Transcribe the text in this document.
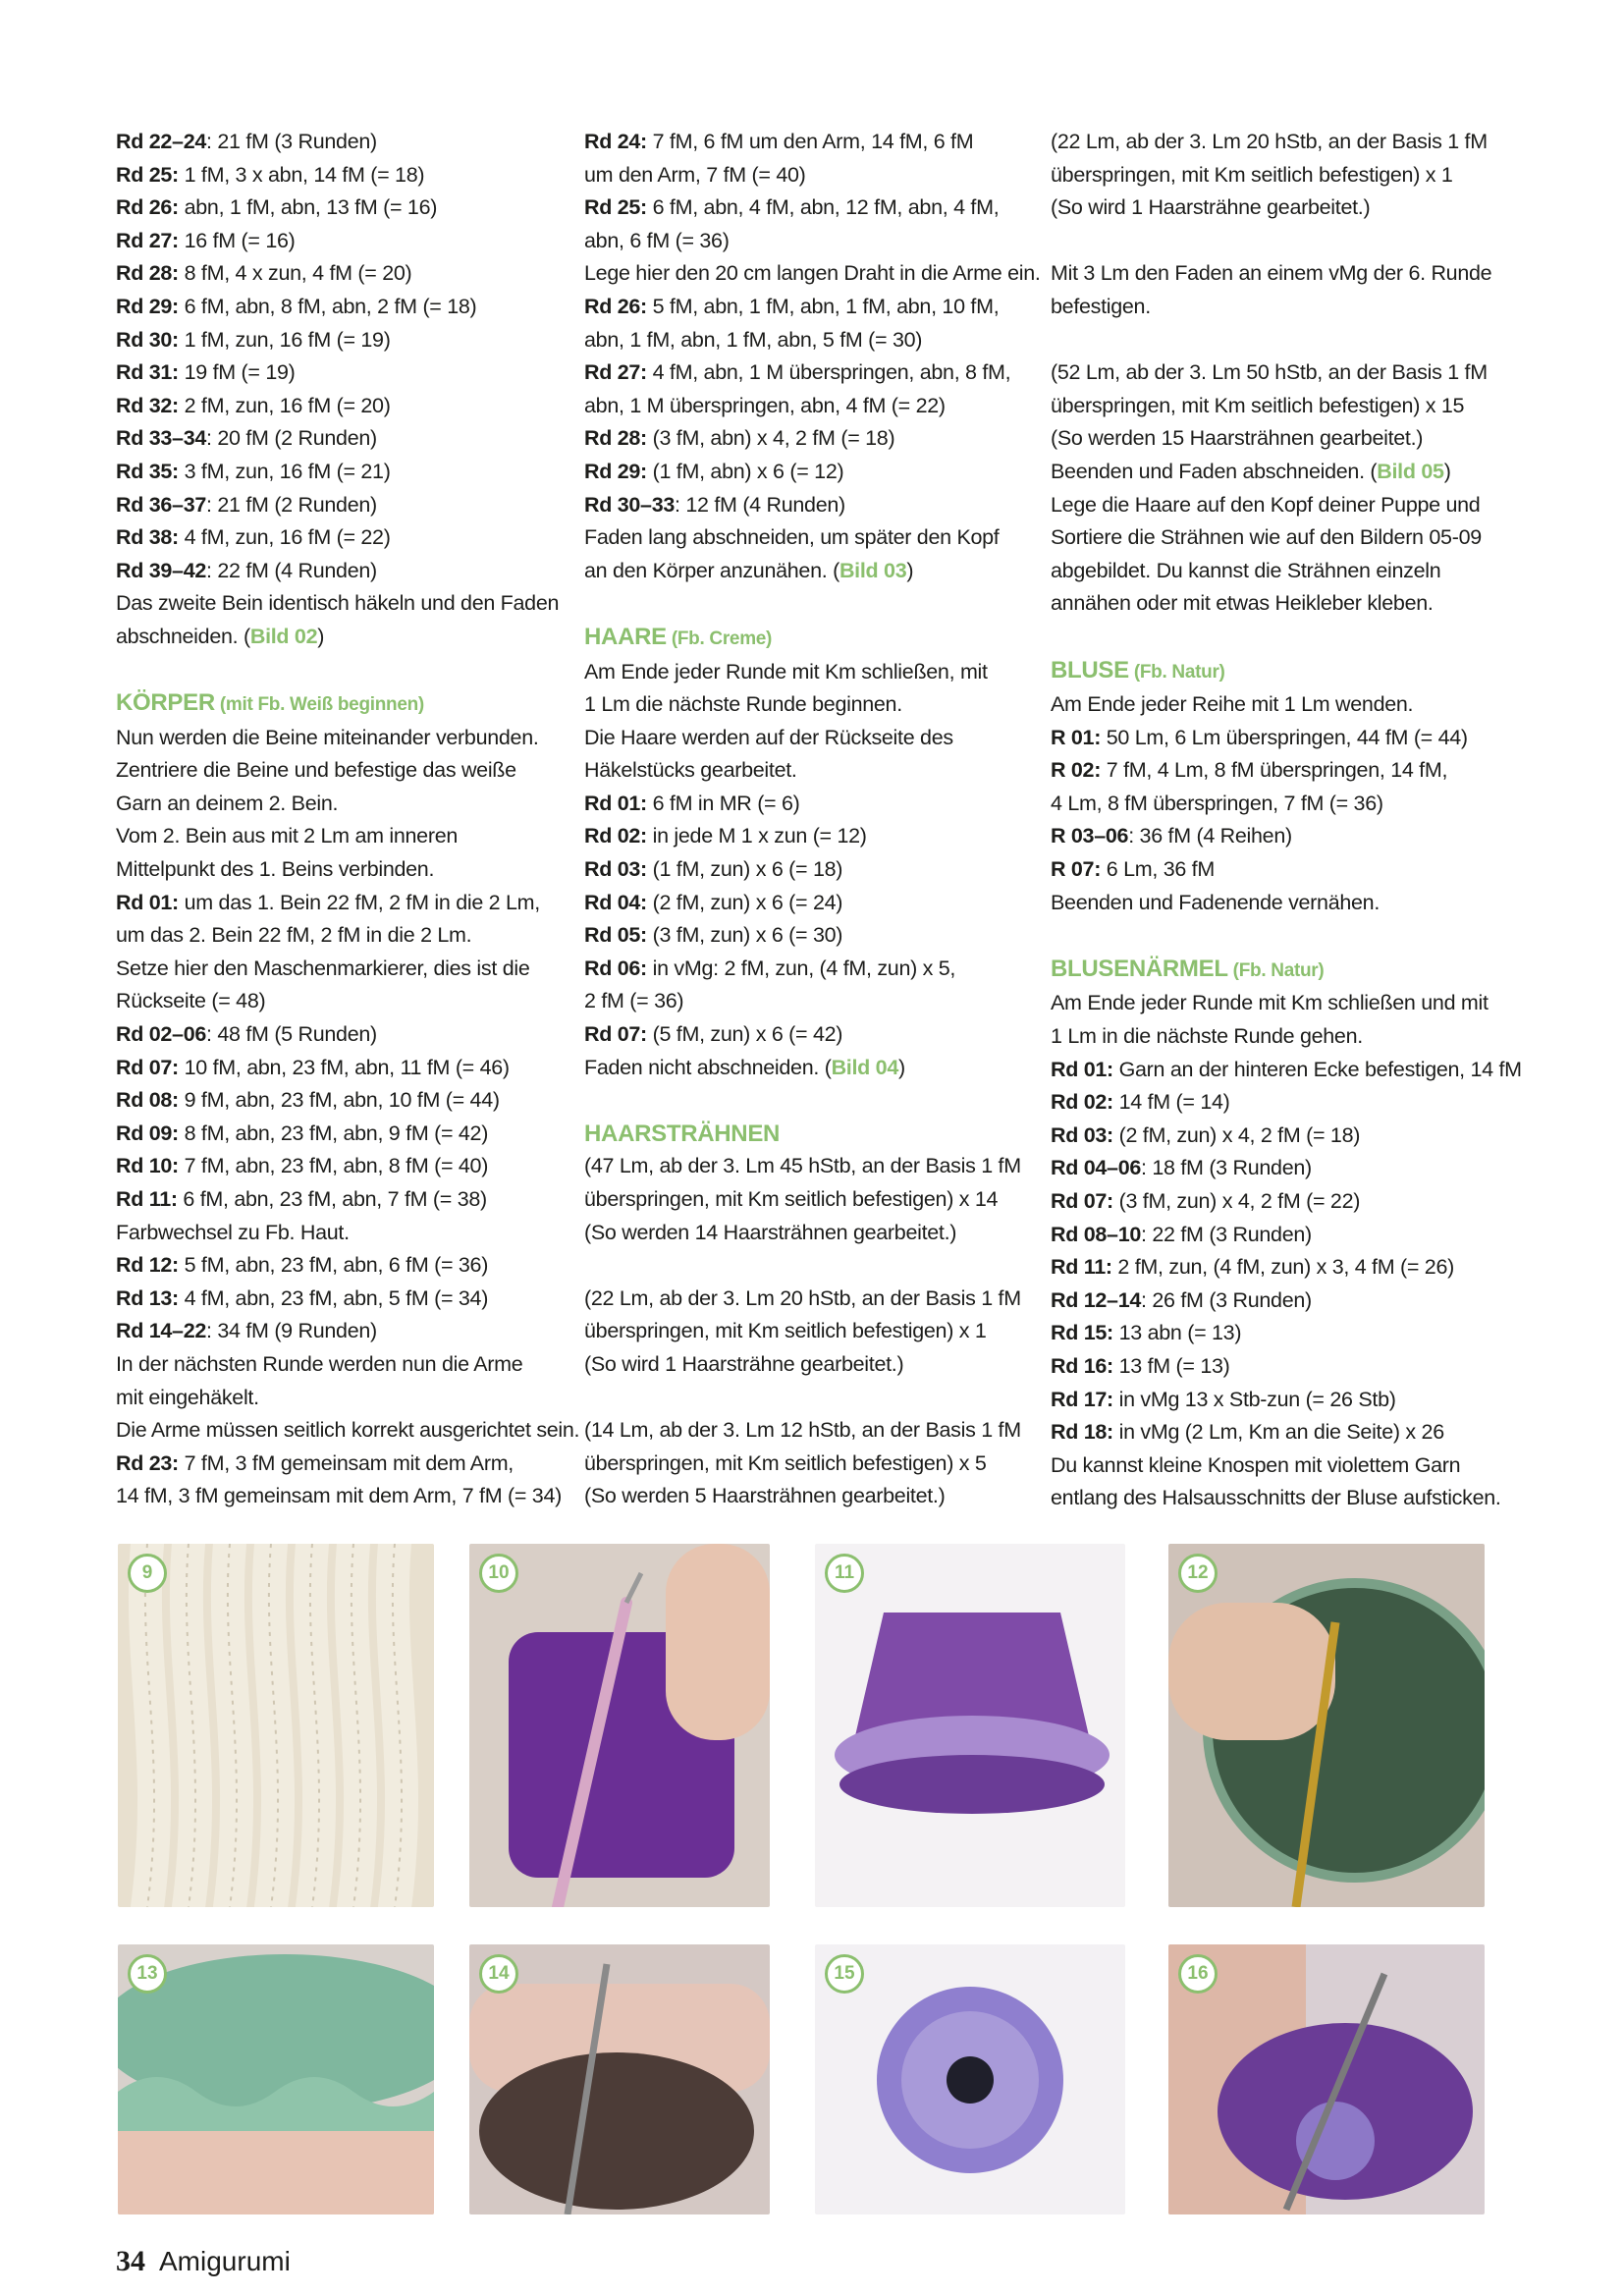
Rd 22–24: 21 fM (3 Runden)
Rd 25: 1 fM, 3 x abn, 14 fM (= 18)
Rd 26: abn, 1 fM, abn, 13 fM (= 16)
Rd 27: 16 fM (= 16)
Rd 28: 8 fM, 4 x zun, 4 fM (= 20)
Rd 29: 6 fM, abn, 8 fM, abn, 2 fM (= 18)
Rd 30: 1 fM, zun, 16 fM (= 19)
Rd 31: 19 fM (= 19)
Rd 32: 2 fM, zun, 16 fM (= 20)
Rd 33–34: 20 fM (2 Runden)
Rd 35: 3 fM, zun, 16 fM (= 21)
Rd 36–37: 21 fM (2 Runden)
Rd 38: 4 fM, zun, 16 fM (= 22)
Rd 39–42: 22 fM (4 Runden)
Das zweite Bein identisch häkeln und den Faden
abschneiden. (Bild 02)
KÖRPER (mit Fb. Weiß beginnen)
Nun werden die Beine miteinander verbunden.
Zentriere die Beine und befestige das weiße
Garn an deinem 2. Bein.
Vom 2. Bein aus mit 2 Lm am inneren
Mittelpunkt des 1. Beins verbinden.
Rd 01: um das 1. Bein 22 fM, 2 fM in die 2 Lm,
um das 2. Bein 22 fM, 2 fM in die 2 Lm.
Setze hier den Maschenmarkierer, dies ist die
Rückseite (= 48)
Rd 02–06: 48 fM (5 Runden)
Rd 07: 10 fM, abn, 23 fM, abn, 11 fM (= 46)
Rd 08: 9 fM, abn, 23 fM, abn, 10 fM (= 44)
Rd 09: 8 fM, abn, 23 fM, abn, 9 fM (= 42)
Rd 10: 7 fM, abn, 23 fM, abn, 8 fM (= 40)
Rd 11: 6 fM, abn, 23 fM, abn, 7 fM (= 38)
Farbwechsel zu Fb. Haut.
Rd 12: 5 fM, abn, 23 fM, abn, 6 fM (= 36)
Rd 13: 4 fM, abn, 23 fM, abn, 5 fM (= 34)
Rd 14–22: 34 fM (9 Runden)
In der nächsten Runde werden nun die Arme
mit eingehäkelt.
Die Arme müssen seitlich korrekt ausgerichtet sein.
Rd 23: 7 fM, 3 fM gemeinsam mit dem Arm,
14 fM, 3 fM gemeinsam mit dem Arm, 7 fM (= 34)
Rd 24: 7 fM, 6 fM um den Arm, 14 fM, 6 fM
um den Arm, 7 fM (= 40)
Rd 25: 6 fM, abn, 4 fM, abn, 12 fM, abn, 4 fM,
abn, 6 fM (= 36)
Lege hier den 20 cm langen Draht in die Arme ein.
Rd 26: 5 fM, abn, 1 fM, abn, 1 fM, abn, 10 fM,
abn, 1 fM, abn, 1 fM, abn, 5 fM (= 30)
Rd 27: 4 fM, abn, 1 M überspringen, abn, 8 fM,
abn, 1 M überspringen, abn, 4 fM (= 22)
Rd 28: (3 fM, abn) x 4, 2 fM (= 18)
Rd 29: (1 fM, abn) x 6 (= 12)
Rd 30–33: 12 fM (4 Runden)
Faden lang abschneiden, um später den Kopf
an den Körper anzunähen. (Bild 03)
HAARE (Fb. Creme)
Am Ende jeder Runde mit Km schließen, mit
1 Lm die nächste Runde beginnen.
Die Haare werden auf der Rückseite des
Häkelstücks gearbeitet.
Rd 01: 6 fM in MR (= 6)
Rd 02: in jede M 1 x zun (= 12)
Rd 03: (1 fM, zun) x 6 (= 18)
Rd 04: (2 fM, zun) x 6 (= 24)
Rd 05: (3 fM, zun) x 6 (= 30)
Rd 06: in vMg: 2 fM, zun, (4 fM, zun) x 5,
2 fM (= 36)
Rd 07: (5 fM, zun) x 6 (= 42)
Faden nicht abschneiden. (Bild 04)
HAARSTRÄHNEN
(47 Lm, ab der 3. Lm 45 hStb, an der Basis 1 fM
überspringen, mit Km seitlich befestigen) x 14
(So werden 14 Haarsträhnen gearbeitet.)
(22 Lm, ab der 3. Lm 20 hStb, an der Basis 1 fM
überspringen, mit Km seitlich befestigen) x 1
(So wird 1 Haarsträhne gearbeitet.)
(14 Lm, ab der 3. Lm 12 hStb, an der Basis 1 fM
überspringen, mit Km seitlich befestigen) x 5
(So werden 5 Haarsträhnen gearbeitet.)
(22 Lm, ab der 3. Lm 20 hStb, an der Basis 1 fM
überspringen, mit Km seitlich befestigen) x 1
(So wird 1 Haarsträhne gearbeitet.)
Mit 3 Lm den Faden an einem vMg der 6. Runde
befestigen.
(52 Lm, ab der 3. Lm 50 hStb, an der Basis 1 fM
überspringen, mit Km seitlich befestigen) x 15
(So werden 15 Haarsträhnen gearbeitet.)
Beenden und Faden abschneiden. (Bild 05)
Lege die Haare auf den Kopf deiner Puppe und
Sortiere die Strähnen wie auf den Bildern 05-09
abgebildet. Du kannst die Strähnen einzeln
annähen oder mit etwas Heikleber kleben.
BLUSE (Fb. Natur)
Am Ende jeder Reihe mit 1 Lm wenden.
R 01: 50 Lm, 6 Lm überspringen, 44 fM (= 44)
R 02: 7 fM, 4 Lm, 8 fM überspringen, 14 fM,
4 Lm, 8 fM überspringen, 7 fM (= 36)
R 03–06: 36 fM (4 Reihen)
R 07: 6 Lm, 36 fM
Beenden und Fadenende vernähen.
BLUSENÄRMEL (Fb. Natur)
Am Ende jeder Runde mit Km schließen und mit
1 Lm in die nächste Runde gehen.
Rd 01: Garn an der hinteren Ecke befestigen, 14 fM
Rd 02: 14 fM (= 14)
Rd 03: (2 fM, zun) x 4, 2 fM (= 18)
Rd 04–06: 18 fM (3 Runden)
Rd 07: (3 fM, zun) x 4, 2 fM (= 22)
Rd 08–10: 22 fM (3 Runden)
Rd 11: 2 fM, zun, (4 fM, zun) x 3, 4 fM (= 26)
Rd 12–14: 26 fM (3 Runden)
Rd 15: 13 abn (= 13)
Rd 16: 13 fM (= 13)
Rd 17: in vMg 13 x Stb-zun (= 26 Stb)
Rd 18: in vMg (2 Lm, Km an die Seite) x 26
Du kannst kleine Knospen mit violettem Garn
entlang des Halsausschnitts der Bluse aufsticken.
9	10	11	12
13	14	15	16
34 Amigurumi
